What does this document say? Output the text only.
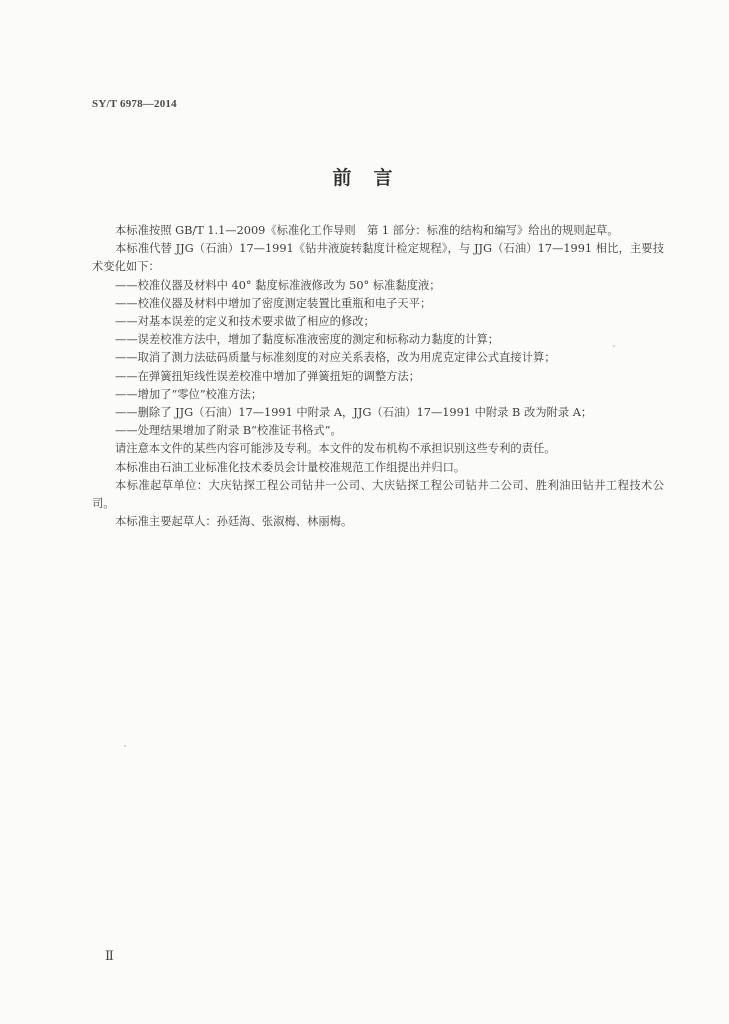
SY/T 6978—2014
前言

本标准按照 GB/T 1.1—2009《标准化工作导则　第 1 部分：标准的结构和编写》给出的规则起草。

本标准代替 JJG（石油）17—1991《钻井液旋转黏度计检定规程》，与 JJG（石油）17—1991 相比，主要技术变化如下：

——校准仪器及材料中 40° 黏度标准液修改为 50° 标准黏度液；

——校准仪器及材料中增加了密度测定装置比重瓶和电子天平；

——对基本误差的定义和技术要求做了相应的修改；

——误差校准方法中，增加了黏度标准液密度的测定和标称动力黏度的计算；

——取消了测力法砝码质量与标准刻度的对应关系表格，改为用虎克定律公式直接计算；

——在弹簧扭矩线性误差校准中增加了弹簧扭矩的调整方法；

——增加了“零位”校准方法；

——删除了 JJG（石油）17—1991 中附录 A，JJG（石油）17—1991 中附录 B 改为附录 A；

——处理结果增加了附录 B“校准证书格式”。

请注意本文件的某些内容可能涉及专利。本文件的发布机构不承担识别这些专利的责任。

本标准由石油工业标准化技术委员会计量校准规范工作组提出并归口。

本标准起草单位：大庆钻探工程公司钻井一公司、大庆钻探工程公司钻井二公司、胜利油田钻井工程技术公司。

本标准主要起草人：孙廷海、张淑梅、林丽梅。

Ⅱ
